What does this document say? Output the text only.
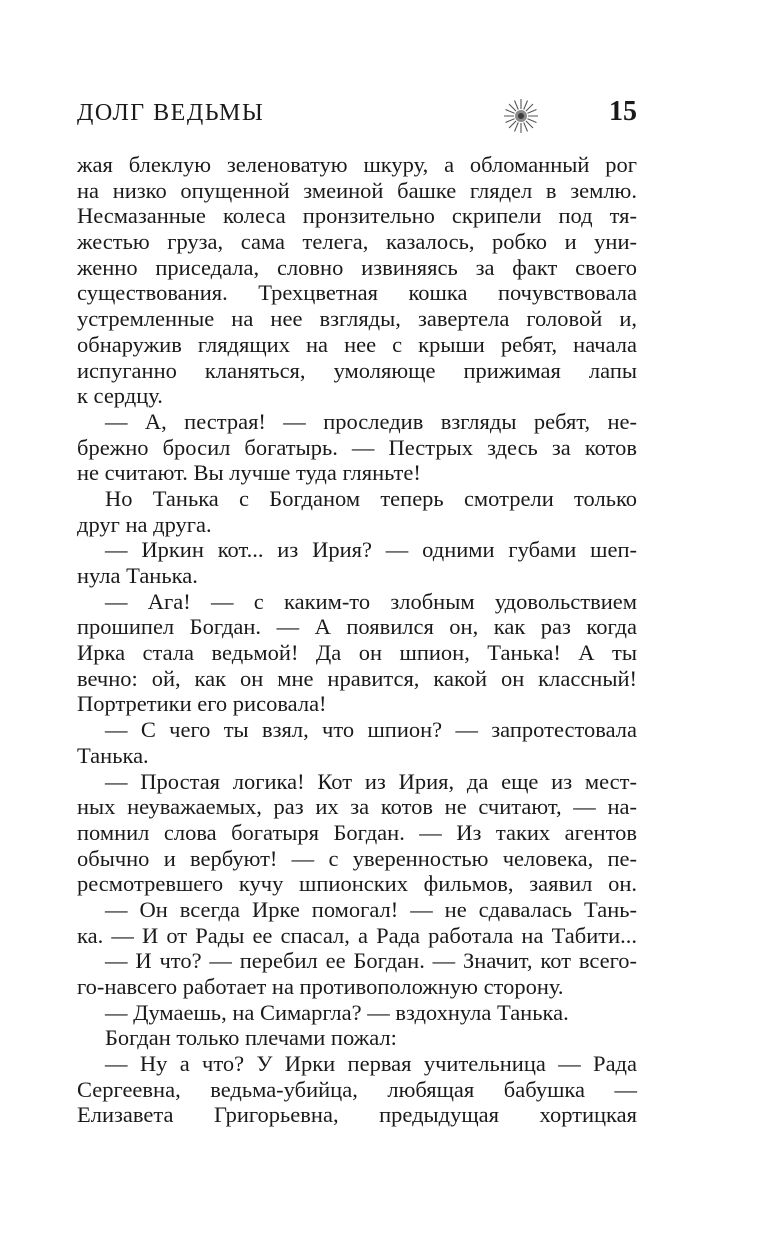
ДОЛГ ВЕДЬМЫ	15
жая блеклую зеленоватую шкуру, а обломанный рог
на низко опущенной змеиной башке глядел в землю.
Несмазанные колеса пронзительно скрипели под тя-
жестью груза, сама телега, казалось, робко и уни-
женно приседала, словно извиняясь за факт своего
существования. Трехцветная кошка почувствовала
устремленные на нее взгляды, завертела головой и,
обнаружив глядящих на нее с крыши ребят, начала
испуганно кланяться, умоляюще прижимая лапы
к сердцу.
— А, пестрая! — проследив взгляды ребят, не-
брежно бросил богатырь. — Пестрых здесь за котов
не считают. Вы лучше туда гляньте!
Но Танька с Богданом теперь смотрели только
друг на друга.
— Иркин кот... из Ирия? — одними губами шеп-
нула Танька.
— Ага! — с каким-то злобным удовольствием
прошипел Богдан. — А появился он, как раз когда
Ирка стала ведьмой! Да он шпион, Танька! А ты
вечно: ой, как он мне нравится, какой он классный!
Портретики его рисовала!
— С чего ты взял, что шпион? — запротестовала
Танька.
— Простая логика! Кот из Ирия, да еще из мест-
ных неуважаемых, раз их за котов не считают, — на-
помнил слова богатыря Богдан. — Из таких агентов
обычно и вербуют! — с уверенностью человека, пе-
ресмотревшего кучу шпионских фильмов, заявил он.
— Он всегда Ирке помогал! — не сдавалась Тань-
ка. — И от Рады ее спасал, а Рада работала на Табити...
— И что? — перебил ее Богдан. — Значит, кот всего-
го-навсего работает на противоположную сторону.
— Думаешь, на Симаргла? — вздохнула Танька.
Богдан только плечами пожал:
— Ну а что? У Ирки первая учительница — Рада
Сергеевна, ведьма-убийца, любящая бабушка —
Елизавета Григорьевна, предыдущая хортицкая
